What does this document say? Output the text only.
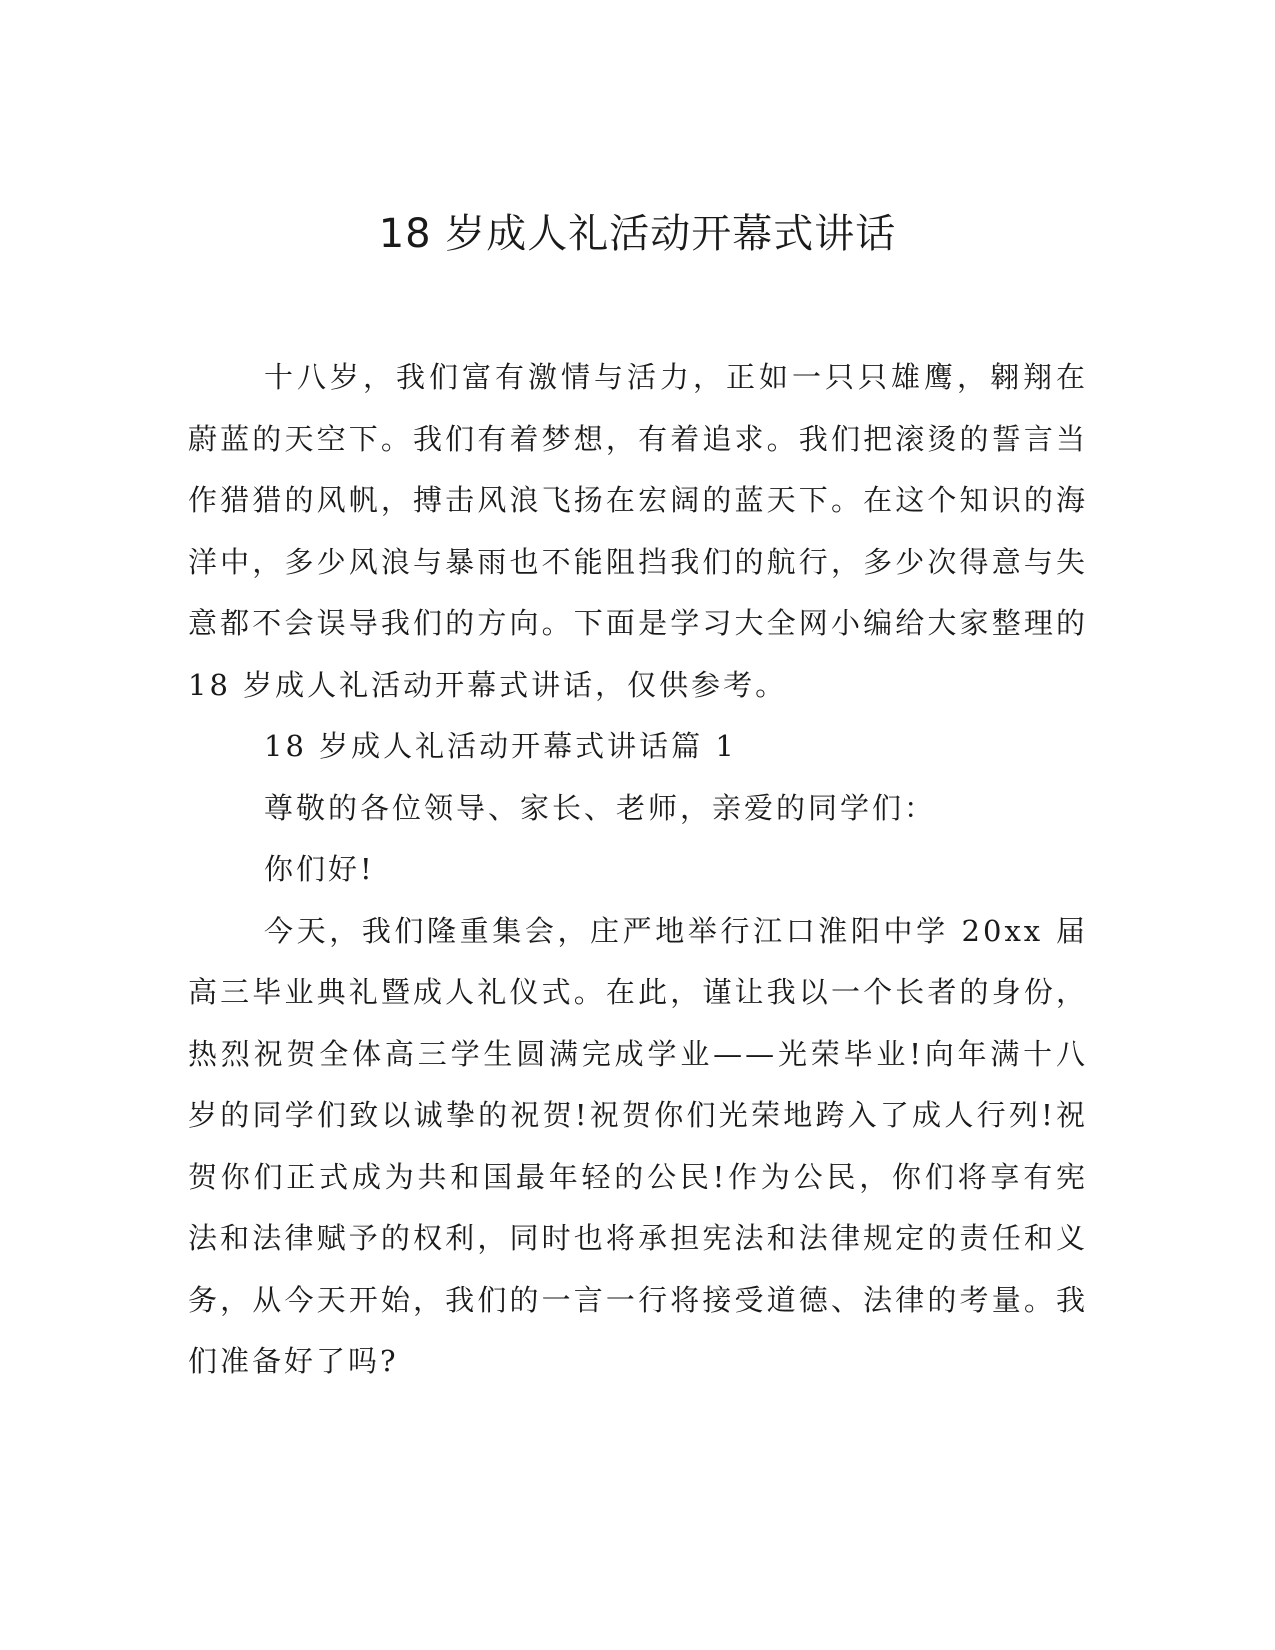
18 岁成人礼活动开幕式讲话

十八岁，我们富有激情与活力，正如一只只雄鹰，翱翔在蔚蓝的天空下。我们有着梦想，有着追求。我们把滚烫的誓言当作猎猎的风帆，搏击风浪飞扬在宏阔的蓝天下。在这个知识的海洋中，多少风浪与暴雨也不能阻挡我们的航行，多少次得意与失意都不会误导我们的方向。下面是学习大全网小编给大家整理的 18 岁成人礼活动开幕式讲话，仅供参考。

18 岁成人礼活动开幕式讲话篇 1

尊敬的各位领导、家长、老师，亲爱的同学们：

你们好!

今天，我们隆重集会，庄严地举行江口淮阳中学 20xx 届高三毕业典礼暨成人礼仪式。在此，谨让我以一个长者的身份，热烈祝贺全体高三学生圆满完成学业——光荣毕业!向年满十八岁的同学们致以诚挚的祝贺!祝贺你们光荣地跨入了成人行列!祝贺你们正式成为共和国最年轻的公民!作为公民，你们将享有宪法和法律赋予的权利，同时也将承担宪法和法律规定的责任和义务，从今天开始，我们的一言一行将接受道德、法律的考量。我们准备好了吗?
